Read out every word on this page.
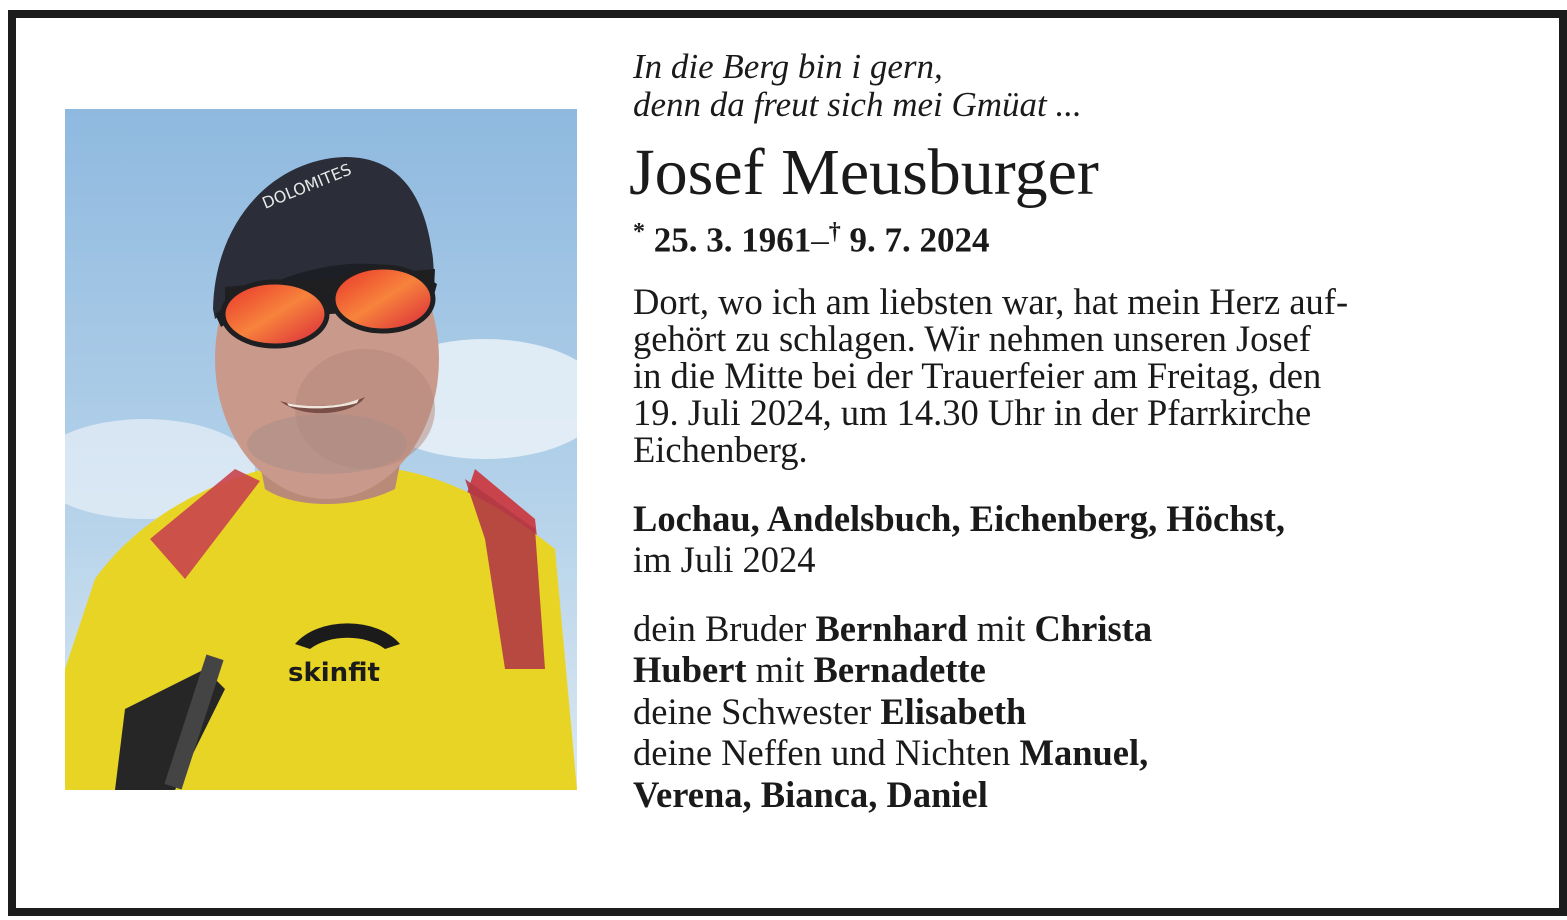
DOLOMITES
skinfit

In die Berg bin i gern,
denn da freut sich mei Gmüat ...

Josef Meusburger

* 25. 3. 1961–† 9. 7. 2024

Dort, wo ich am liebsten war, hat mein Herz auf-
gehört zu schlagen. Wir nehmen unseren Josef
in die Mitte bei der Trauerfeier am Freitag, den
19. Juli 2024, um 14.30 Uhr in der Pfarrkirche
Eichenberg.

Lochau, Andelsbuch, Eichenberg, Höchst,

im Juli 2024

dein Bruder Bernhard mit Christa
Hubert mit Bernadette
deine Schwester Elisabeth
deine Neffen und Nichten Manuel,
Verena, Bianca, Daniel
